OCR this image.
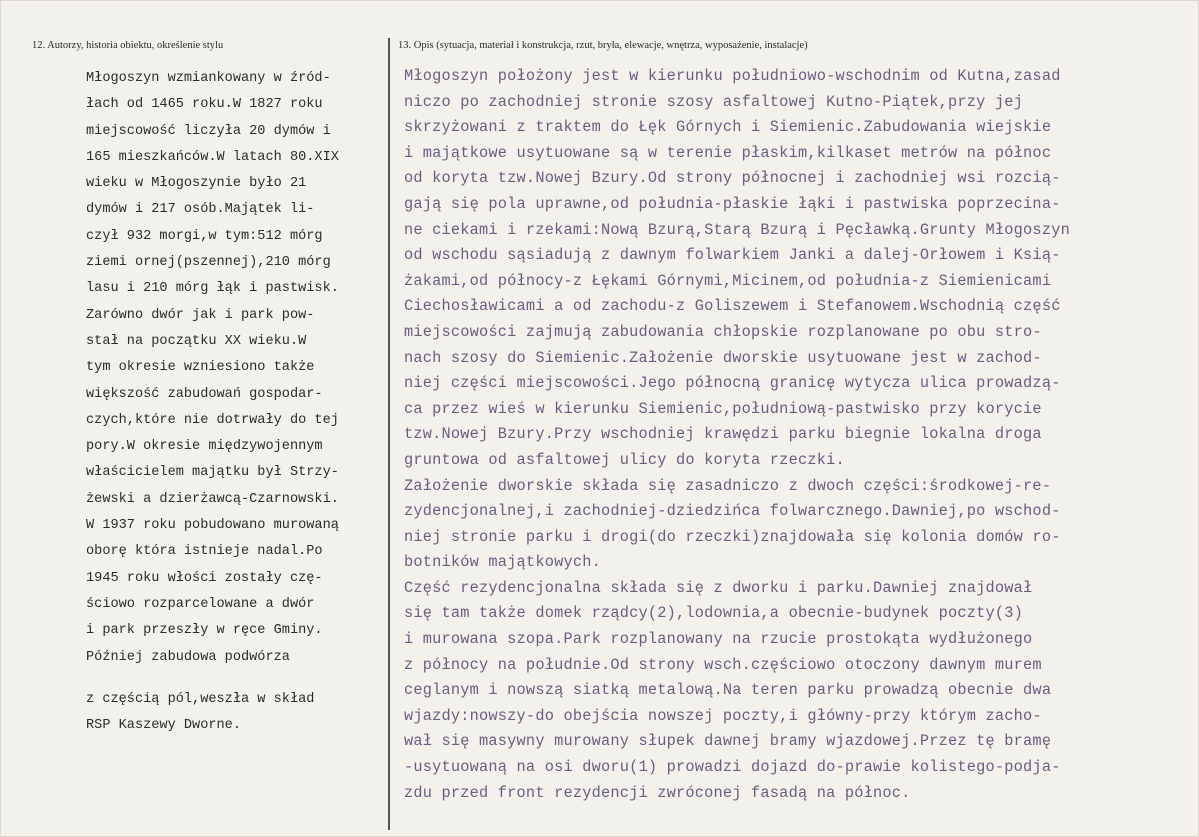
12. Autorzy, historia obiektu, określenie stylu	13. Opis (sytuacja, materiał i konstrukcja, rzut, bryła, elewacje, wnętrza, wyposażenie, instalacje)
Młogoszyn wzmiankowany w źród-
łach od 1465 roku.W 1827 roku
miejscowość liczyła 20 dymów i
165 mieszkańców.W latach 80.XIX
wieku w Młogoszynie było 21
dymów i 217 osób.Majątek li-
czył 932 morgi,w tym:512 mórg
ziemi ornej(pszennej),210 mórg
lasu i 210 mórg łąk i pastwisk.
Zarówno dwór jak i park pow-
stał na początku XX wieku.W
tym okresie wzniesiono także
większość zabudowań gospodar-
czych,które nie dotrwały do tej
pory.W okresie międzywojennym
właścicielem majątku był Strzy-
żewski a dzierżawcą-Czarnowski.
W 1937 roku pobudowano murowaną
oborę która istnieje nadal.Po
1945 roku włości zostały czę-
ściowo rozparcelowane a dwór
i park przeszły w ręce Gminy.
Później zabudowa podwórza
z częścią pól,weszła w skład
RSP Kaszewy Dworne.
Młogoszyn położony jest w kierunku południowo-wschodnim od Kutna,zasad
niczo po zachodniej stronie szosy asfaltowej Kutno-Piątek,przy jej
skrzyżowani z traktem do Łęk Górnych i Siemienic.Zabudowania wiejskie
i majątkowe usytuowane są w terenie płaskim,kilkaset metrów na północ
od koryta tzw.Nowej Bzury.Od strony północnej i zachodniej wsi rozcią-
gają się pola uprawne,od południa-płaskie łąki i pastwiska poprzecina-
ne ciekami i rzekami:Nową Bzurą,Starą Bzurą i Pęcławką.Grunty Młogoszyn
od wschodu sąsiadują z dawnym folwarkiem Janki a dalej-Orłowem i Ksią-
żakami,od północy-z Łękami Górnymi,Micinem,od południa-z Siemienicami
Ciechosławicami a od zachodu-z Goliszewem i Stefanowem.Wschodnią część
miejscowości zajmują zabudowania chłopskie rozplanowane po obu stro-
nach szosy do Siemienic.Założenie dworskie usytuowane jest w zachod-
niej części miejscowości.Jego północną granicę wytycza ulica prowadzą-
ca przez wieś w kierunku Siemienic,południową-pastwisko przy korycie
tzw.Nowej Bzury.Przy wschodniej krawędzi parku biegnie lokalna droga
gruntowa od asfaltowej ulicy do koryta rzeczki.
Założenie dworskie składa się zasadniczo z dwoch części:środkowej-re-
zydencjonalnej,i zachodniej-dziedzińca folwarcznego.Dawniej,po wschod-
niej stronie parku i drogi(do rzeczki)znajdowała się kolonia domów ro-
botników majątkowych.
Część rezydencjonalna składa się z dworku i parku.Dawniej znajdował
się tam także domek rządcy(2),lodownia,a obecnie-budynek poczty(3)
i murowana szopa.Park rozplanowany na rzucie prostokąta wydłużonego
z północy na południe.Od strony wsch.częściowo otoczony dawnym murem
ceglanym i nowszą siatką metalową.Na teren parku prowadzą obecnie dwa
wjazdy:nowszy-do obejścia nowszej poczty,i główny-przy którym zacho-
wał się masywny murowany słupek dawnej bramy wjazdowej.Przez tę bramę
-usytuowaną na osi dworu(1) prowadzi dojazd do-prawie kolistego-podja-
zdu przed front rezydencji zwróconej fasadą na północ.
